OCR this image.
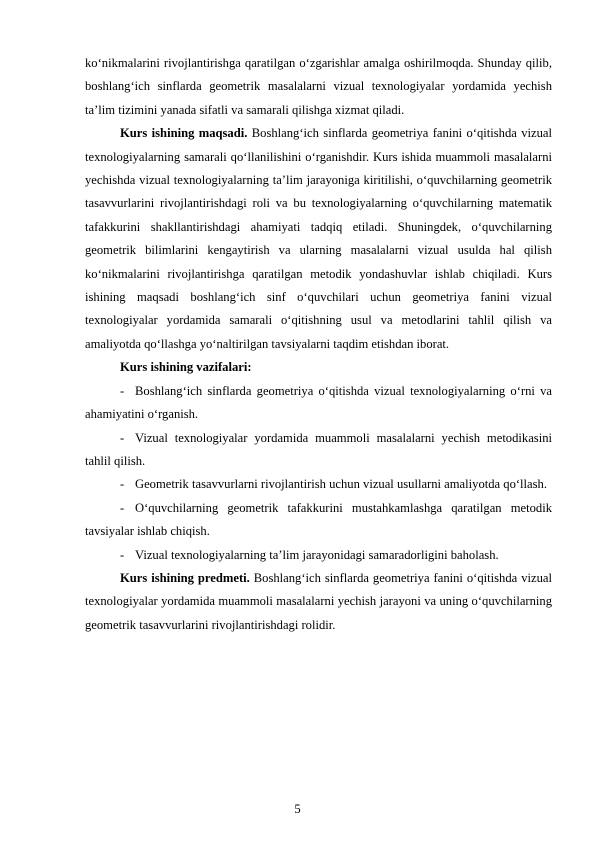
ko‘nikmalarini rivojlantirishga qaratilgan o‘zgarishlar amalga oshirilmoqda. Shunday qilib, boshlang‘ich sinflarda geometrik masalalarni vizual texnologiyalar yordamida yechish ta’lim tizimini yanada sifatli va samarali qilishga xizmat qiladi.

Kurs ishining maqsadi. Boshlang‘ich sinflarda geometriya fanini o‘qitishda vizual texnologiyalarning samarali qo‘llanilishini o‘rganishdir. Kurs ishida muammoli masalalarni yechishda vizual texnologiyalarning ta’lim jarayoniga kiritilishi, o‘quvchilarning geometrik tasavvurlarini rivojlantirishdagi roli va bu texnologiyalarning o‘quvchilarning matematik tafakkurini shakllantirishdagi ahamiyati tadqiq etiladi. Shuningdek, o‘quvchilarning geometrik bilimlarini kengaytirish va ularning masalalarni vizual usulda hal qilish ko‘nikmalarini rivojlantirishga qaratilgan metodik yondashuvlar ishlab chiqiladi. Kurs ishining maqsadi boshlang‘ich sinf o‘quvchilari uchun geometriya fanini vizual texnologiyalar yordamida samarali o‘qitishning usul va metodlarini tahlil qilish va amaliyotda qo‘llashga yo‘naltirilgan tavsiyalarni taqdim etishdan iborat.

Kurs ishining vazifalari:

- Boshlang‘ich sinflarda geometriya o‘qitishda vizual texnologiyalarning o‘rni va ahamiyatini o‘rganish.

- Vizual texnologiyalar yordamida muammoli masalalarni yechish metodikasini tahlil qilish.

- Geometrik tasavvurlarni rivojlantirish uchun vizual usullarni amaliyotda qo‘llash.

- O‘quvchilarning geometrik tafakkurini mustahkamlashga qaratilgan metodik tavsiyalar ishlab chiqish.

- Vizual texnologiyalarning ta’lim jarayonidagi samaradorligini baholash.

Kurs ishining predmeti. Boshlang‘ich sinflarda geometriya fanini o‘qitishda vizual texnologiyalar yordamida muammoli masalalarni yechish jarayoni va uning o‘quvchilarning geometrik tasavvurlarini rivojlantirishdagi rolidir.

5
